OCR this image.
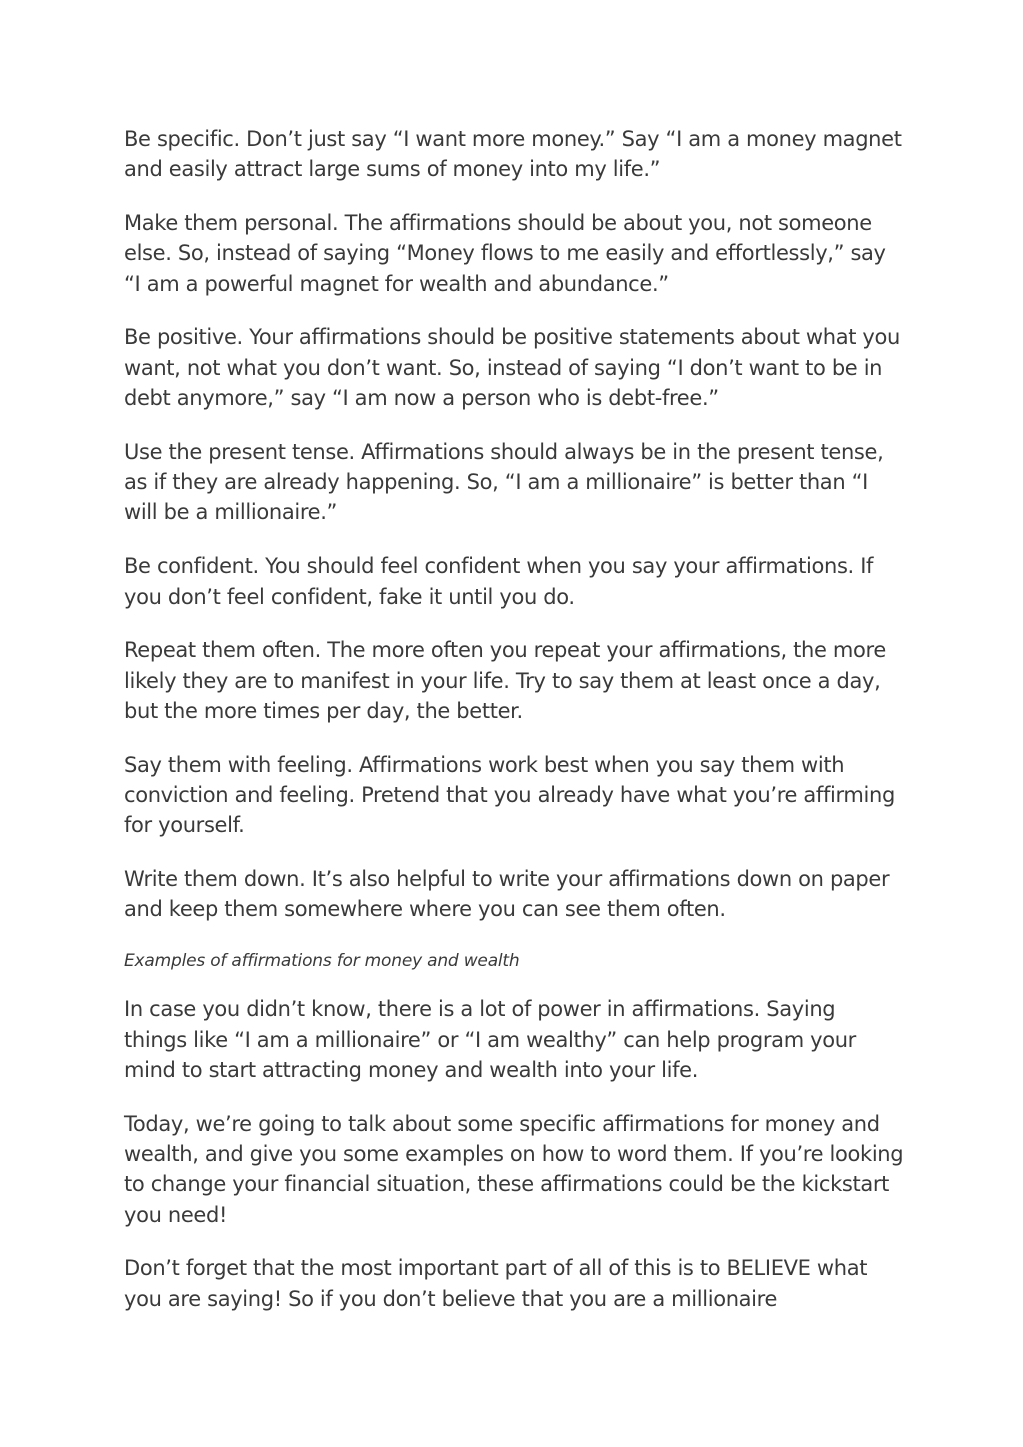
Be specific. Don’t just say “I want more money.” Say “I am a money magnet and easily attract large sums of money into my life.”

Make them personal. The affirmations should be about you, not someone else. So, instead of saying “Money flows to me easily and effortlessly,” say “I am a powerful magnet for wealth and abundance.”

Be positive. Your affirmations should be positive statements about what you want, not what you don’t want. So, instead of saying “I don’t want to be in debt anymore,” say “I am now a person who is debt-free.”

Use the present tense. Affirmations should always be in the present tense, as if they are already happening. So, “I am a millionaire” is better than “I will be a millionaire.”

Be confident. You should feel confident when you say your affirmations. If you don’t feel confident, fake it until you do.

Repeat them often. The more often you repeat your affirmations, the more likely they are to manifest in your life. Try to say them at least once a day, but the more times per day, the better.

Say them with feeling. Affirmations work best when you say them with conviction and feeling. Pretend that you already have what you’re affirming for yourself.

Write them down. It’s also helpful to write your affirmations down on paper and keep them somewhere where you can see them often.

Examples of affirmations for money and wealth

In case you didn’t know, there is a lot of power in affirmations. Saying things like “I am a millionaire” or “I am wealthy” can help program your mind to start attracting money and wealth into your life.

Today, we’re going to talk about some specific affirmations for money and wealth, and give you some examples on how to word them. If you’re looking to change your financial situation, these affirmations could be the kickstart you need!

Don’t forget that the most important part of all of this is to BELIEVE what you are saying! So if you don’t believe that you are a millionaire
